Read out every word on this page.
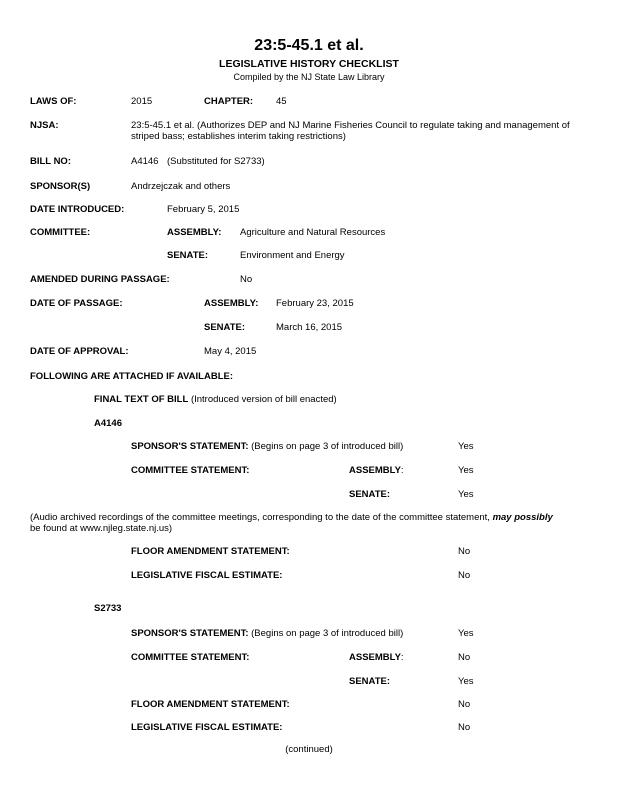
23:5-45.1 et al.
LEGISLATIVE HISTORY CHECKLIST
Compiled by the NJ State Law Library
LAWS OF:	2015	CHAPTER: 45
NJSA:	23:5-45.1 et al. (Authorizes DEP and NJ Marine Fisheries Council to regulate taking and management of
striped bass; establishes interim taking restrictions)
BILL NO:	A4146 (Substituted for S2733)
SPONSOR(S)	Andrzejczak and others
DATE INTRODUCED:	February 5, 2015
COMMITTEE:	ASSEMBLY: Agriculture and Natural Resources
SENATE:	Environment and Energy
AMENDED DURING PASSAGE:	No
DATE OF PASSAGE:	ASSEMBLY: February 23, 2015
SENATE:	March 16, 2015
DATE OF APPROVAL:	May 4, 2015
FOLLOWING ARE ATTACHED IF AVAILABLE:
FINAL TEXT OF BILL (Introduced version of bill enacted)
A4146
SPONSOR'S STATEMENT: (Begins on page 3 of introduced bill)	Yes
COMMITTEE STATEMENT:	ASSEMBLY:	Yes
SENATE:	Yes
(Audio archived recordings of the committee meetings, corresponding to the date of the committee statement, may possibly
be found at www.njleg.state.nj.us)
FLOOR AMENDMENT STATEMENT:	No
LEGISLATIVE FISCAL ESTIMATE:	No
S2733
SPONSOR'S STATEMENT: (Begins on page 3 of introduced bill)	Yes
COMMITTEE STATEMENT:	ASSEMBLY:	No
SENATE:	Yes
FLOOR AMENDMENT STATEMENT:	No
LEGISLATIVE FISCAL ESTIMATE:	No
(continued)
